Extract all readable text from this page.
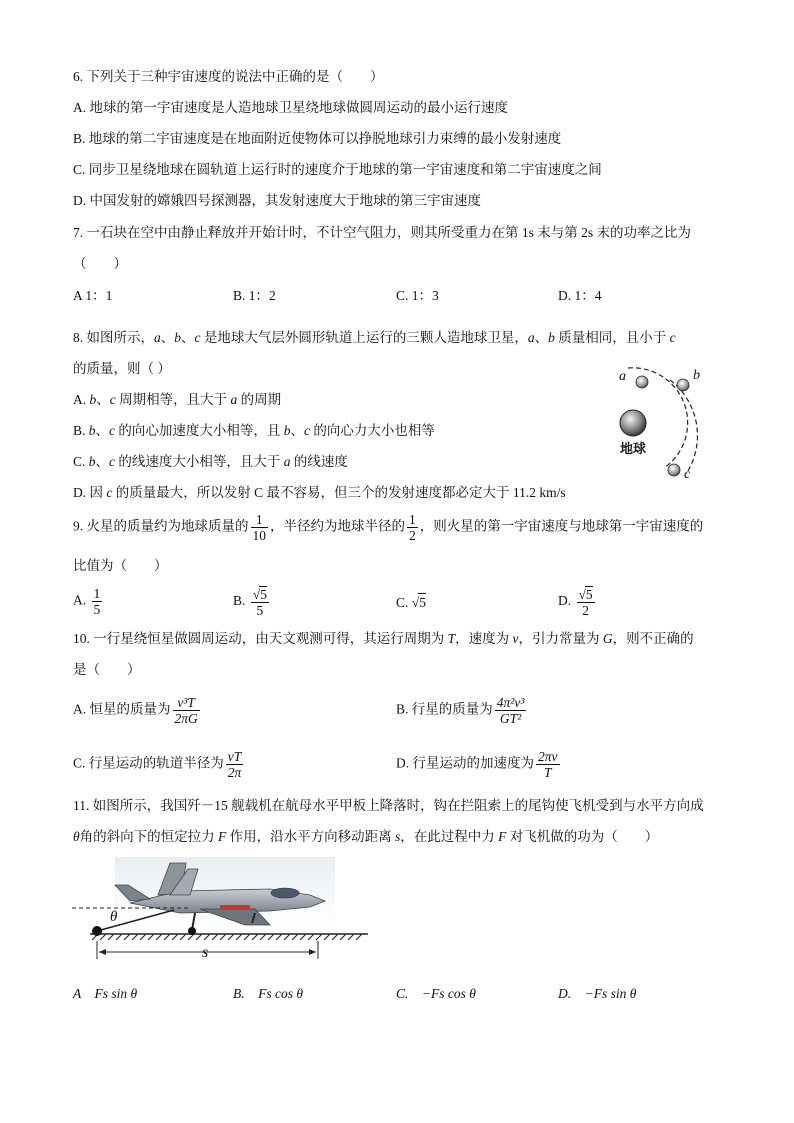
6. 下列关于三种宇宙速度的说法中正确的是（　　）
A. 地球的第一宇宙速度是人造地球卫星绕地球做圆周运动的最小运行速度
B. 地球的第二宇宙速度是在地面附近使物体可以挣脱地球引力束缚的最小发射速度
C. 同步卫星绕地球在圆轨道上运行时的速度介于地球的第一宇宙速度和第二宇宙速度之间
D. 中国发射的嫦娥四号探测器，其发射速度大于地球的第三宇宙速度
7. 一石块在空中由静止释放并开始计时，不计空气阻力，则其所受重力在第 1s 末与第 2s 末的功率之比为
（　　）
A 1：1	B. 1：2	C. 1：3	D. 1：4
8. 如图所示，a、b、c 是地球大气层外圆形轨道上运行的三颗人造地球卫星，a、b 质量相同，且小于 c
的质量，则（ ）
A. b、c 周期相等，且大于 a 的周期
B. b、c 的向心加速度大小相等，且 b、c 的向心力大小也相等
C. b、c 的线速度大小相等，且大于 a 的线速度
D. 因 c 的质量最大，所以发射 C 最不容易，但三个的发射速度都必定大于 11.2 km/s
地球
a	b
c
9. 火星的质量约为地球质量的 $\frac{1}{10}$ ，半径约为地球半径的 $\frac{1}{2}$ ，则火星的第一宇宙速度与地球第一宇宙速度的
比值为（　　）
A. $\frac{1}{5}$	B. $\frac{√5}{5}$	C. √5	D. $\frac{√5}{2}$
10. 一行星绕恒星做圆周运动，由天文观测可得，其运行周期为 T，速度为 v，引力常量为 G，则不正确的
是（　　）
A. 恒星的质量为 $\frac{\text{v³T}}{2\pi G}$	B. 行星的质量为 $\frac{\text{4π²v³}}{\text{GT²}}$
C. 行星运动的轨道半径为 $\frac{vT}{2\pi}$	D. 行星运动的加速度为 $\frac{2\pi v}{T}$
11. 如图所示，我国歼－15 舰载机在航母水平甲板上降落时，钩在拦阻索上的尾钩使飞机受到与水平方向成
θ角的斜向下的恒定拉力 F 作用，沿水平方向移动距离 s，在此过程中力 F 对飞机做的功为（　　）
θ
s
A　Fs sin θ	B.　Fs cos θ	C.　−Fs cos θ	D.　−Fs sin θ
